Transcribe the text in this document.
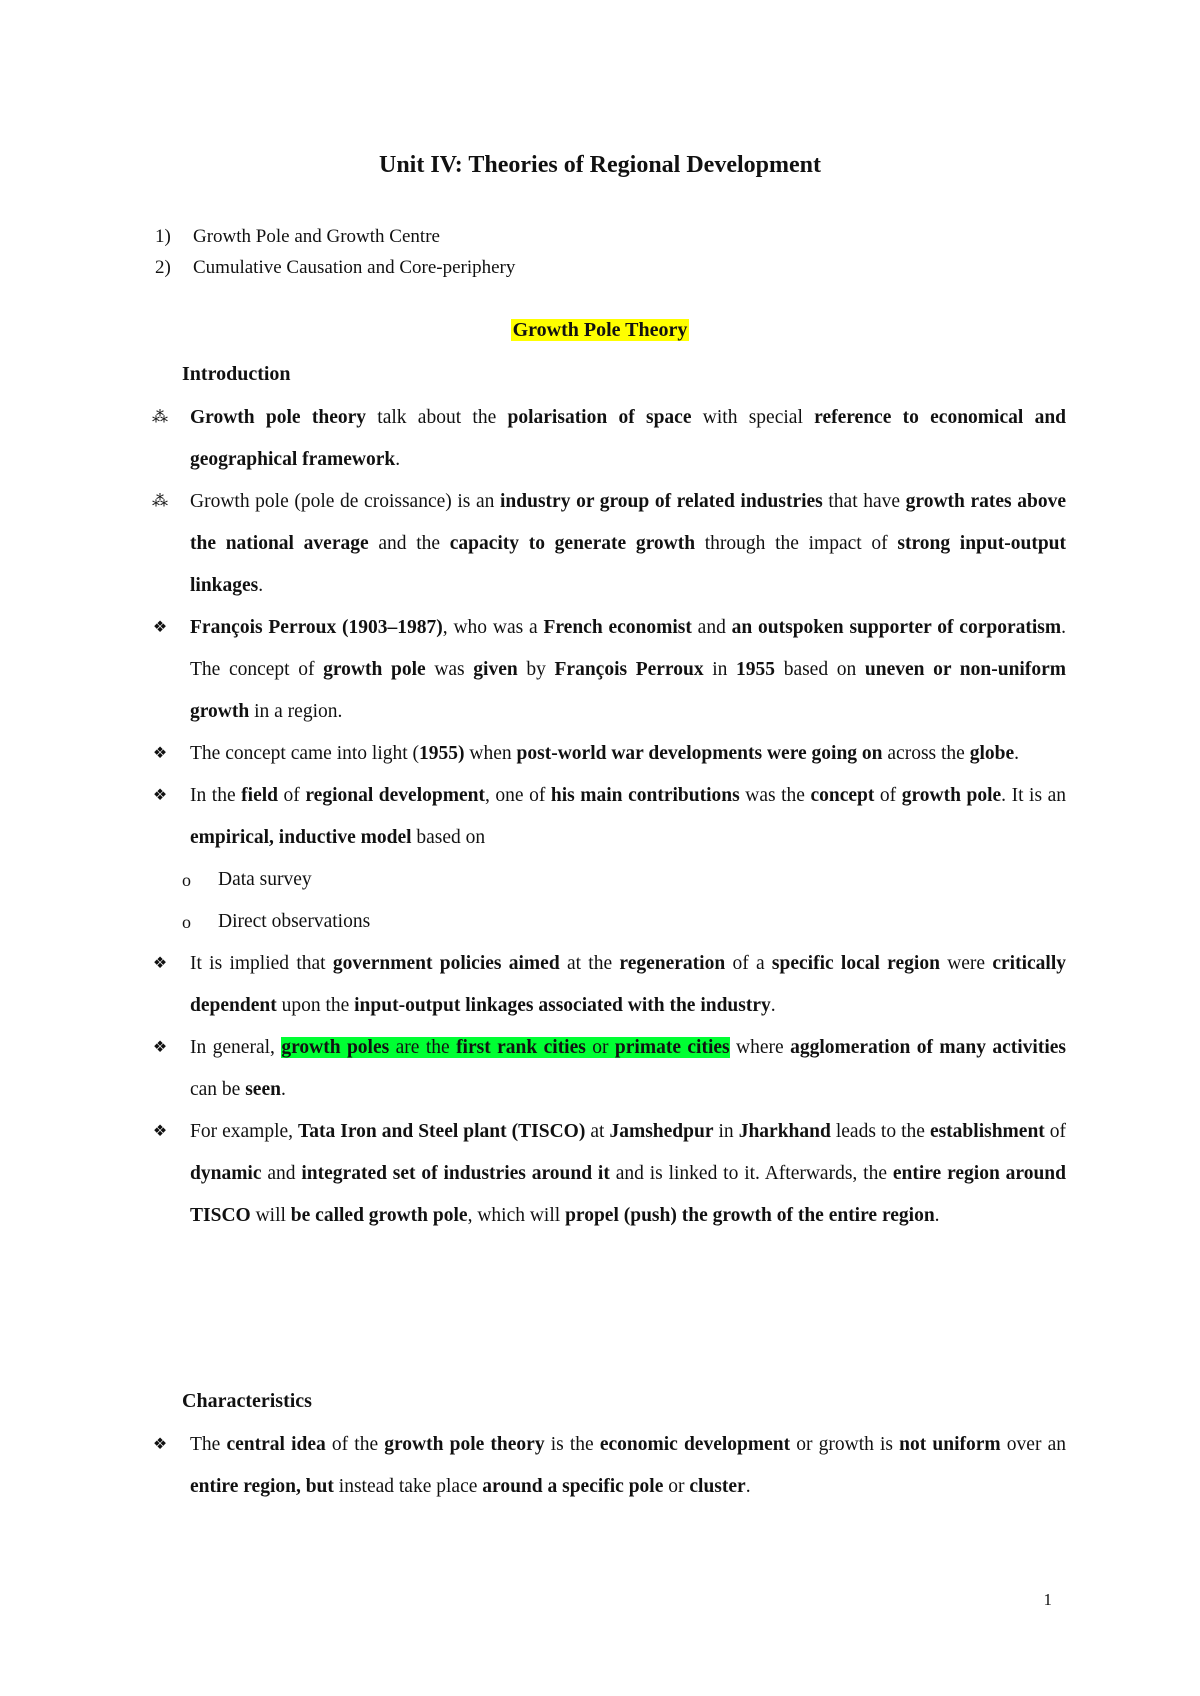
Unit IV: Theories of Regional Development
1)	Growth Pole and Growth Centre
2)	Cumulative Causation and Core-periphery
Growth Pole Theory
Introduction
⁂	Growth pole theory talk about the polarisation of space with special reference to economical and geographical framework.
⁂	Growth pole (pole de croissance) is an industry or group of related industries that have growth rates above the national average and the capacity to generate growth through the impact of strong input-output linkages.
❖	François Perroux (1903–1987), who was a French economist and an outspoken supporter of corporatism. The concept of growth pole was given by François Perroux in 1955 based on uneven or non-uniform growth in a region.
❖	The concept came into light (1955) when post-world war developments were going on across the globe.
❖	In the field of regional development, one of his main contributions was the concept of growth pole. It is an empirical, inductive model based on
o Data survey
o Direct observations
❖	It is implied that government policies aimed at the regeneration of a specific local region were critically dependent upon the input-output linkages associated with the industry.
❖	In general, growth poles are the first rank cities or primate cities where agglomeration of many activities can be seen.
❖	For example, Tata Iron and Steel plant (TISCO) at Jamshedpur in Jharkhand leads to the establishment of dynamic and integrated set of industries around it and is linked to it. Afterwards, the entire region around TISCO will be called growth pole, which will propel (push) the growth of the entire region.
Characteristics
❖	The central idea of the growth pole theory is the economic development or growth is not uniform over an entire region, but instead take place around a specific pole or cluster.
1
